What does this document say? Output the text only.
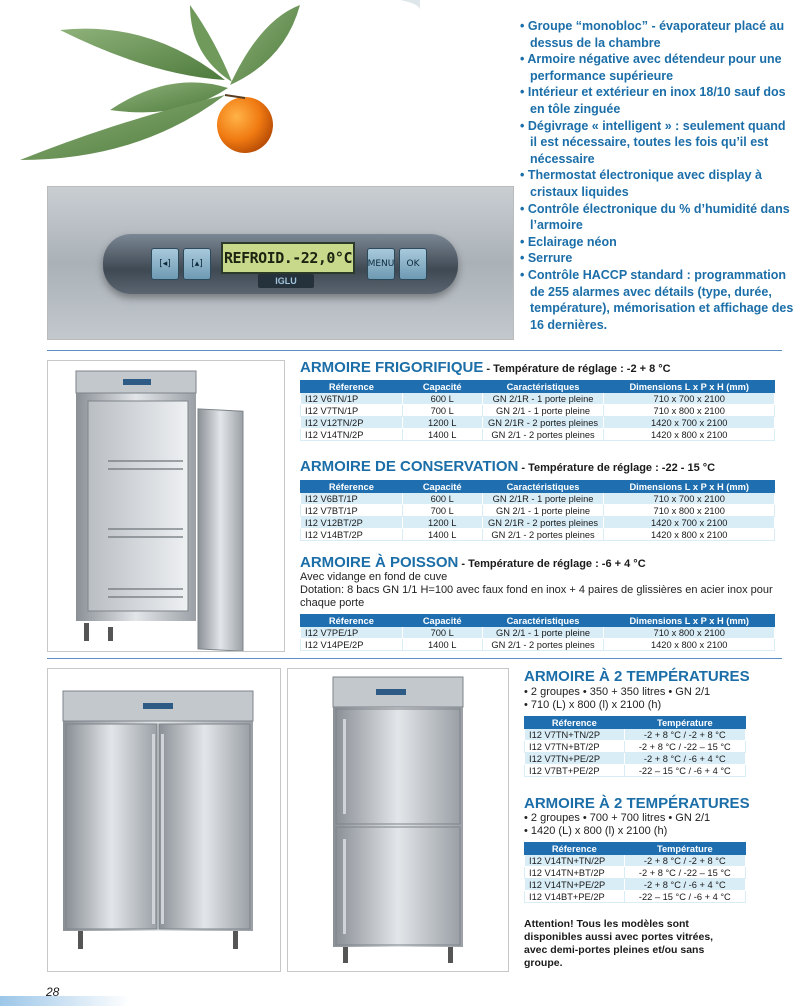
[◂]	[▴]	REFROID.-22,0°C
IGLU
MENU	OK
• Groupe “monobloc” - évaporateur placé au dessus de la chambre
• Armoire négative avec détendeur pour une performance supérieure
• Intérieur et extérieur en inox 18/10 sauf dos en tôle zinguée
• Dégivrage « intelligent » : seulement quand il est nécessaire, toutes les fois qu’il est nécessaire
• Thermostat électronique avec display à cristaux liquides
• Contrôle électronique du % d’humidité dans l’armoire
• Eclairage néon
• Serrure
• Contrôle HACCP standard : programmation de 255 alarmes avec détails (type, durée, température), mémorisation et affichage des 16 dernières.
ARMOIRE FRIGORIFIQUE - Température de réglage : -2 + 8 °C
Réference	Capacité	Caractéristiques	Dimensions L x P x H (mm)
I12 V6TN/1P	600 L	GN 2/1R - 1 porte pleine	710 x 700 x 2100
I12 V7TN/1P	700 L	GN 2/1 - 1 porte pleine	710 x 800 x 2100
I12 V12TN/2P	1200 L	GN 2/1R - 2 portes pleines	1420 x 700 x 2100
I12 V14TN/2P	1400 L	GN 2/1 - 2 portes pleines	1420 x 800 x 2100
ARMOIRE DE CONSERVATION - Température de réglage : -22 - 15 °C
Réference	Capacité	Caractéristiques	Dimensions L x P x H (mm)
I12 V6BT/1P	600 L	GN 2/1R - 1 porte pleine	710 x 700 x 2100
I12 V7BT/1P	700 L	GN 2/1 - 1 porte pleine	710 x 800 x 2100
I12 V12BT/2P	1200 L	GN 2/1R - 2 portes pleines	1420 x 700 x 2100
I12 V14BT/2P	1400 L	GN 2/1 - 2 portes pleines	1420 x 800 x 2100
ARMOIRE À POISSON - Température de réglage : -6 + 4 °C
Avec vidange en fond de cuve
Dotation: 8 bacs GN 1/1 H=100 avec faux fond en inox + 4 paires de glissières en acier inox pour chaque porte
Réference	Capacité	Caractéristiques	Dimensions L x P x H (mm)
I12 V7PE/1P	700 L	GN 2/1 - 1 porte pleine	710 x 800 x 2100
I12 V14PE/2P	1400 L	GN 2/1 - 2 portes pleines	1420 x 800 x 2100
ARMOIRE À 2 TEMPÉRATURES
• 2 groupes • 350 + 350 litres • GN 2/1
• 710 (L) x 800 (l) x 2100 (h)
Réference	Température
I12 V7TN+TN/2P	-2 + 8 °C / -2 + 8 °C
I12 V7TN+BT/2P	-2 + 8 °C / -22 – 15 °C
I12 V7TN+PE/2P	-2 + 8 °C / -6 + 4 °C
I12 V7BT+PE/2P	-22 – 15 °C / -6 + 4 °C
ARMOIRE À 2 TEMPÉRATURES
• 2 groupes • 700 + 700 litres • GN 2/1
• 1420 (L) x 800 (l) x 2100 (h)
Réference	Température
I12 V14TN+TN/2P	-2 + 8 °C / -2 + 8 °C
I12 V14TN+BT/2P	-2 + 8 °C / -22 – 15 °C
I12 V14TN+PE/2P	-2 + 8 °C / -6 + 4 °C
I12 V14BT+PE/2P	-22 – 15 °C / -6 + 4 °C
Attention! Tous les modèles sont disponibles aussi avec portes vitrées, avec demi-portes pleines et/ou sans groupe.
28
